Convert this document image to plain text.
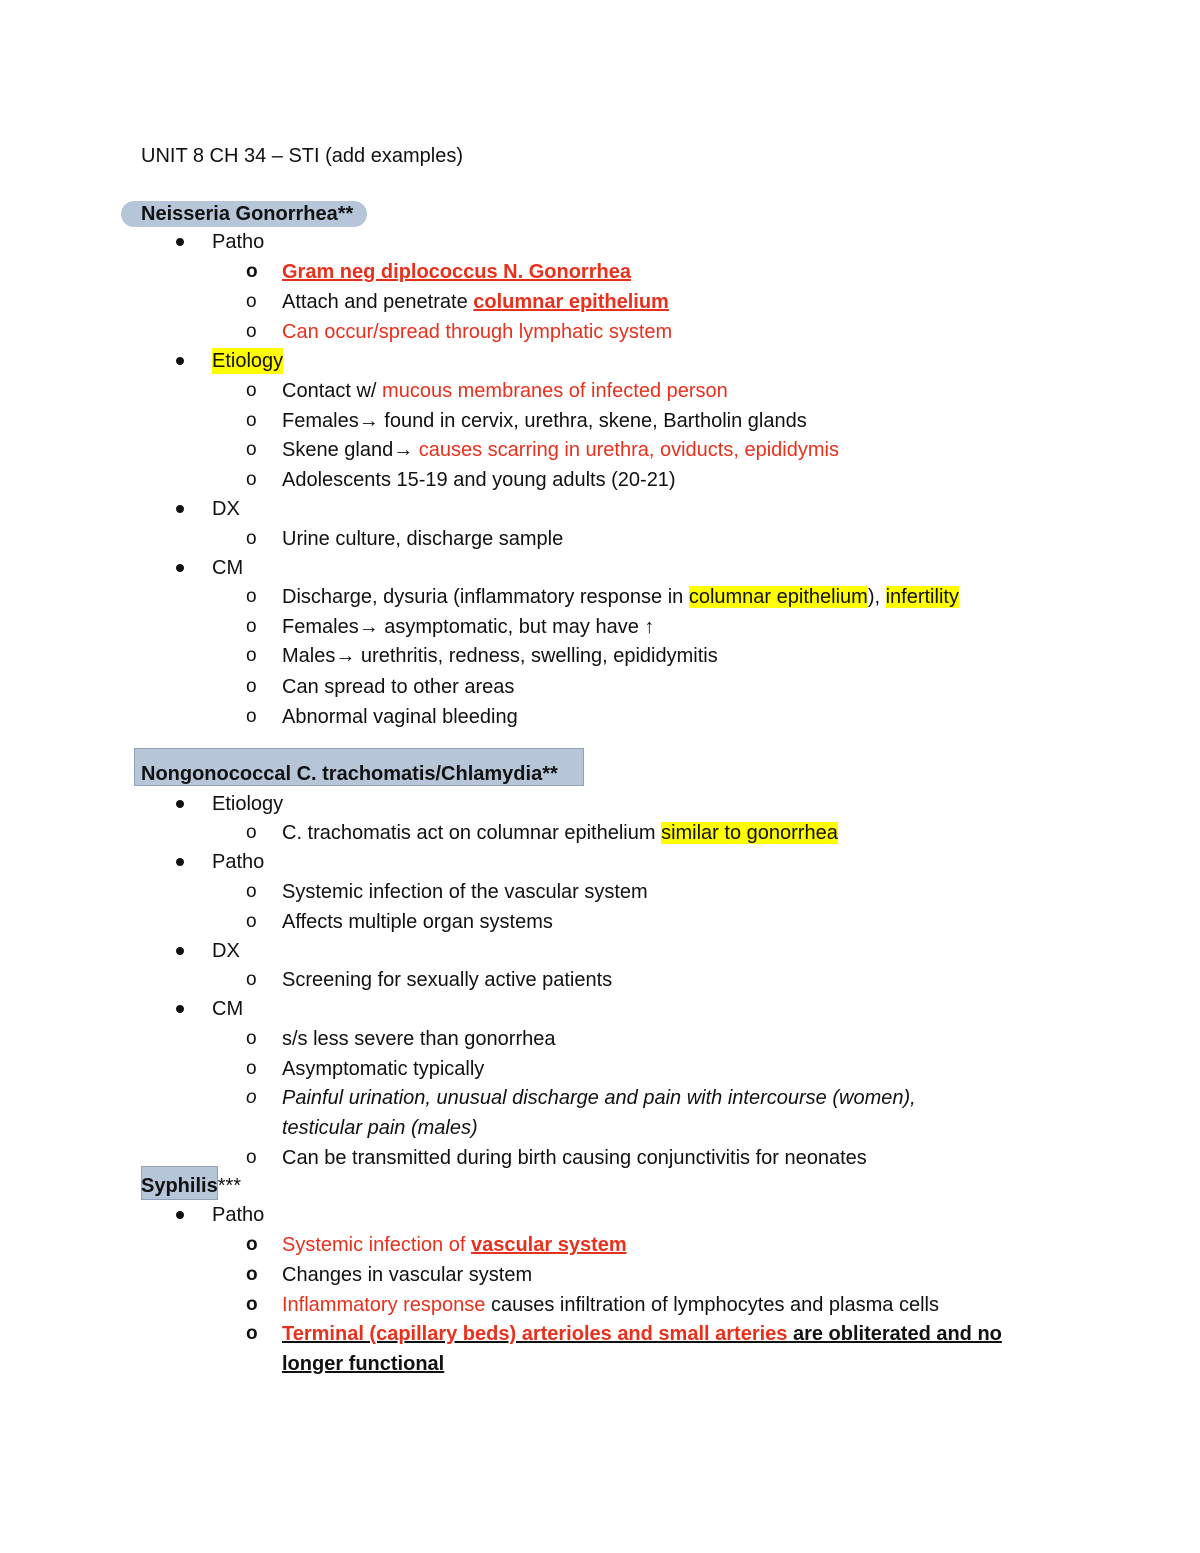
UNIT 8 CH 34 – STI (add examples)
Neisseria Gonorrhea**
Patho
o Gram neg diplococcus N. Gonorrhea
o Attach and penetrate columnar epithelium
o Can occur/spread through lymphatic system
Etiology
o Contact w/ mucous membranes of infected person
o Females→ found in cervix, urethra, skene, Bartholin glands
o Skene gland→ causes scarring in urethra, oviducts, epididymis
o Adolescents 15-19 and young adults (20-21)
DX
o Urine culture, discharge sample
CM
o Discharge, dysuria (inflammatory response in columnar epithelium), infertility
o Females→ asymptomatic, but may have ↑
o Males→ urethritis, redness, swelling, epididymitis
o Can spread to other areas
o Abnormal vaginal bleeding
Nongonococcal C. trachomatis/Chlamydia**
Etiology
o C. trachomatis act on columnar epithelium similar to gonorrhea
Patho
o Systemic infection of the vascular system
o Affects multiple organ systems
DX
o Screening for sexually active patients
CM
o s/s less severe than gonorrhea
o Asymptomatic typically
o Painful urination, unusual discharge and pain with intercourse (women),
testicular pain (males)
o Can be transmitted during birth causing conjunctivitis for neonates
Syphilis***
Patho
o Systemic infection of vascular system
o Changes in vascular system
o Inflammatory response causes infiltration of lymphocytes and plasma cells
o Terminal (capillary beds) arterioles and small arteries are obliterated and no
longer functional
